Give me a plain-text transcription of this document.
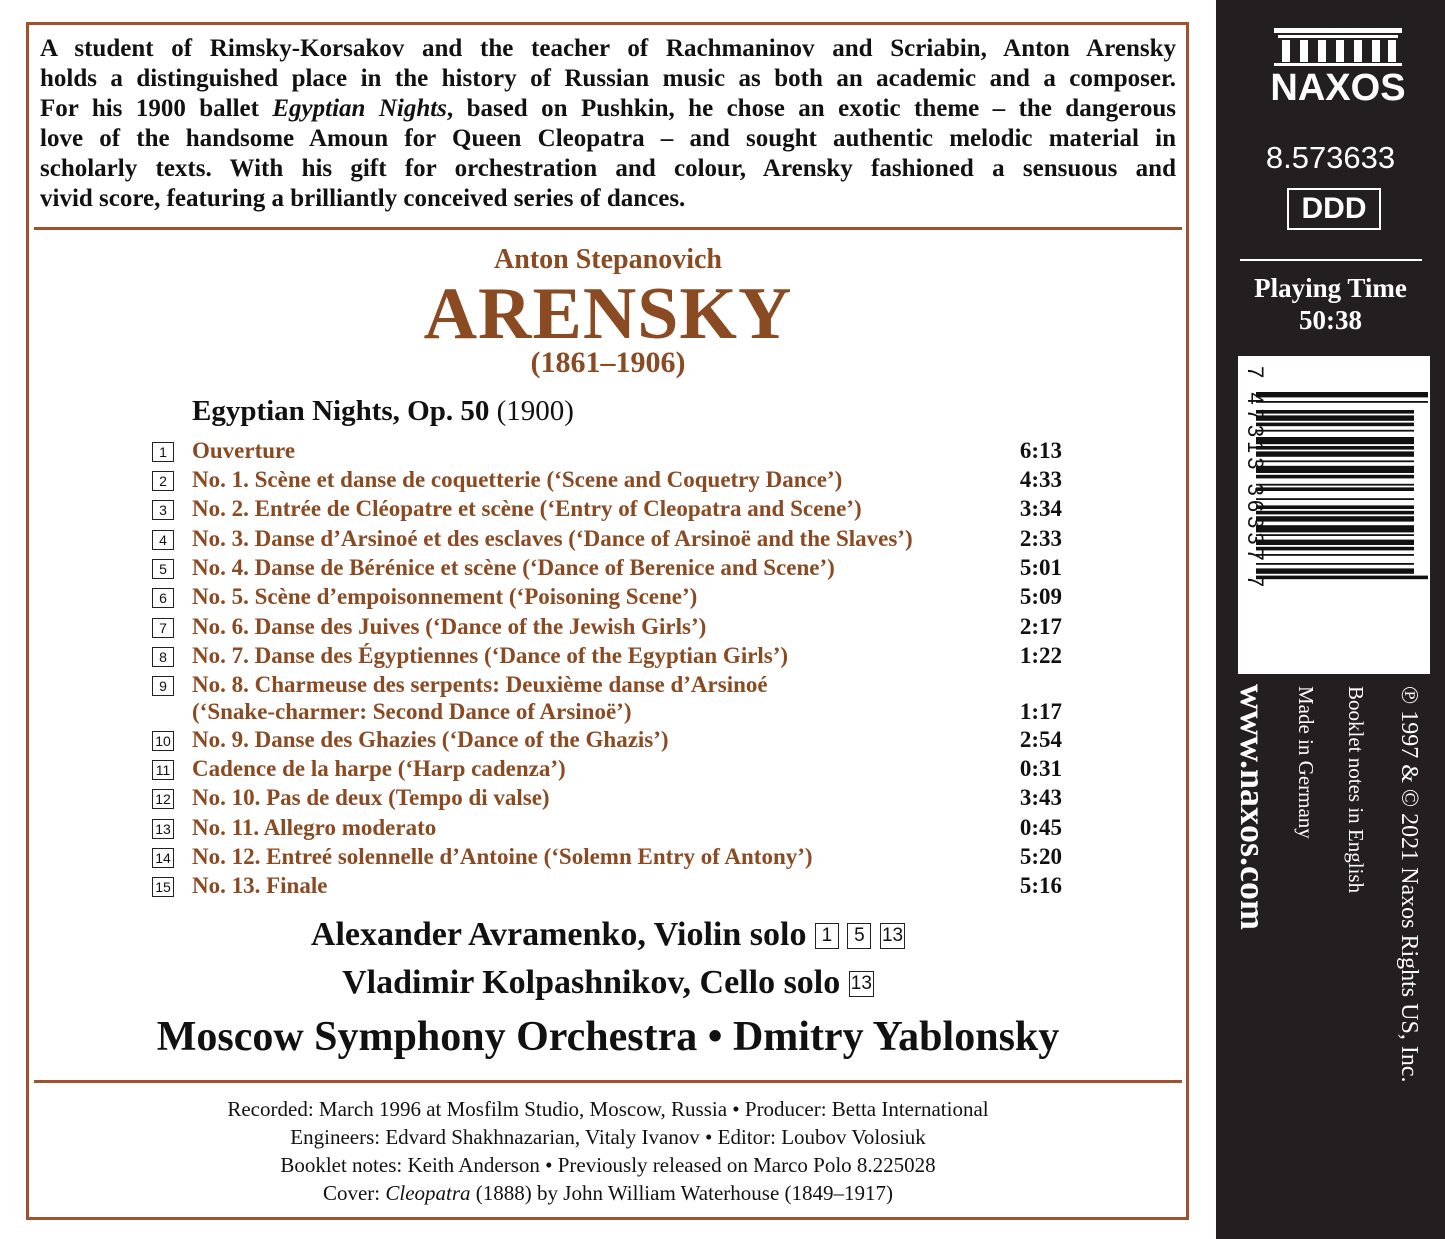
A student of Rimsky-Korsakov and the teacher of Rachmaninov and Scriabin, Anton Arensky
holds a distinguished place in the history of Russian music as both an academic and a composer.
For his 1900 ballet Egyptian Nights, based on Pushkin, he chose an exotic theme – the dangerous
love of the handsome Amoun for Queen Cleopatra – and sought authentic melodic material in
scholarly texts. With his gift for orchestration and colour, Arensky fashioned a sensuous and
vivid score, featuring a brilliantly conceived series of dances.
Anton Stepanovich
ARENSKY
(1861–1906)
Egyptian Nights, Op. 50 (1900)
1	Ouverture	6:13
2	No. 1. Scène et danse de coquetterie (‘Scene and Coquetry Dance’)	4:33
3	No. 2. Entrée de Cléopatre et scène (‘Entry of Cleopatra and Scene’)	3:34
4	No. 3. Danse d’Arsinoé et des esclaves (‘Dance of Arsinoë and the Slaves’)	2:33
5	No. 4. Danse de Bérénice et scène (‘Dance of Berenice and Scene’)	5:01
6	No. 5. Scène d’empoisonnement (‘Poisoning Scene’)	5:09
7	No. 6. Danse des Juives (‘Dance of the Jewish Girls’)	2:17
8	No. 7. Danse des Égyptiennes (‘Dance of the Egyptian Girls’)	1:22
9	No. 8. Charmeuse des serpents: Deuxième danse d’Arsinoé
(‘Snake-charmer: Second Dance of Arsinoë’)	1:17
10 No. 9. Danse des Ghazies (‘Dance of the Ghazis’)	2:54
11 Cadence de la harpe (‘Harp cadenza’)	0:31
12 No. 10. Pas de deux (Tempo di valse)	3:43
13 No. 11. Allegro moderato	0:45
14 No. 12. Entreé solennelle d’Antoine (‘Solemn Entry of Antony’)	5:20
15 No. 13. Finale	5:16
Alexander Avramenko, Violin solo 1 5 13
Vladimir Kolpashnikov, Cello solo 13
Moscow Symphony Orchestra • Dmitry Yablonsky
Recorded: March 1996 at Mosfilm Studio, Moscow, Russia • Producer: Betta International
Engineers: Edvard Shakhnazarian, Vitaly Ivanov • Editor: Loubov Volosiuk
Booklet notes: Keith Anderson • Previously released on Marco Polo 8.225028
Cover: Cleopatra (1888) by John William Waterhouse (1849–1917)
NAXOS
8.573633
DDD
Playing Time
50:38
7 47313 36337 7
www.naxos.com Made in Germany Booklet notes in English ℗ 1997 & © 2021 Naxos Rights US, Inc.
